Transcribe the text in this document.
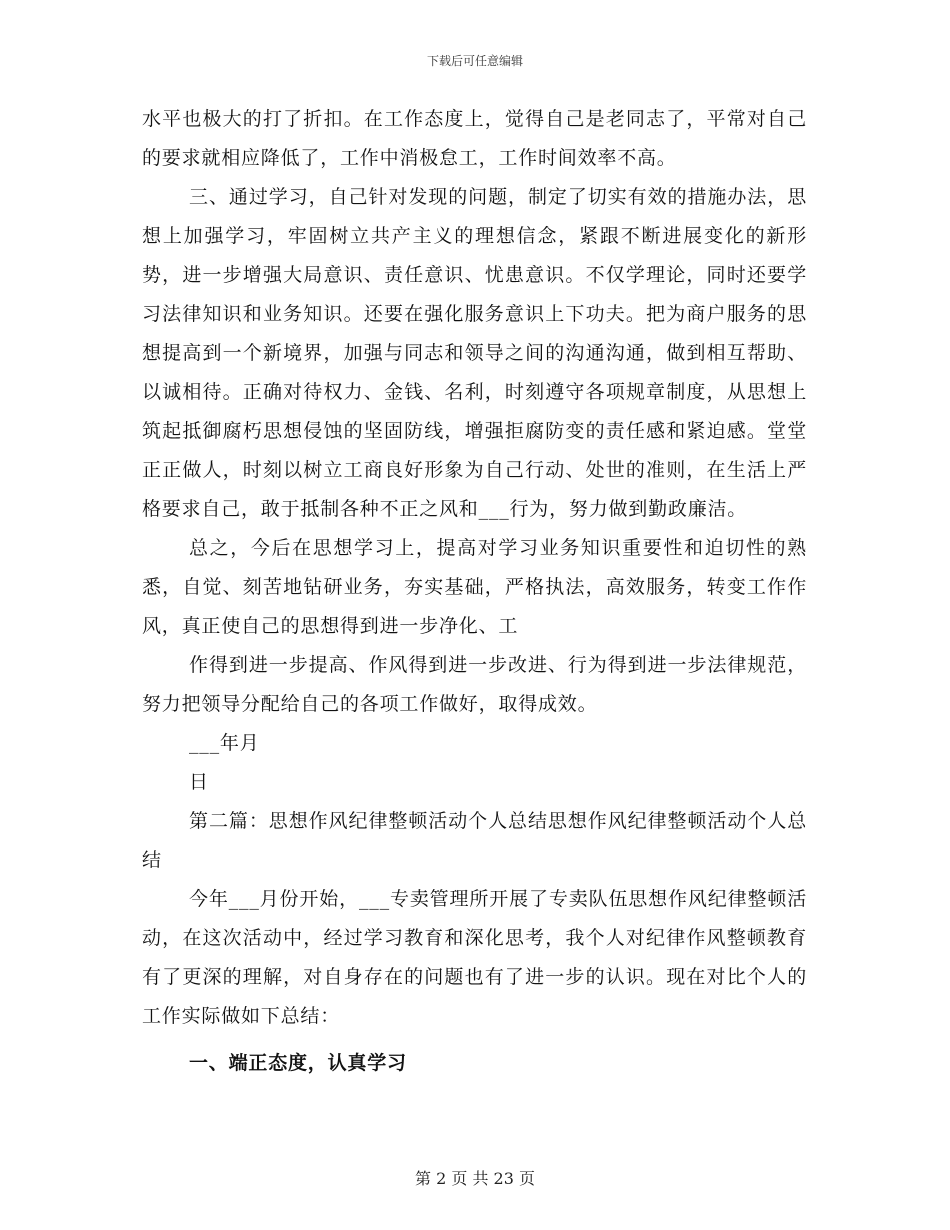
下载后可任意编辑

水平也极大的打了折扣。在工作态度上，觉得自己是老同志了，平常对自己的要求就相应降低了，工作中消极怠工，工作时间效率不高。

三、通过学习，自己针对发现的问题，制定了切实有效的措施办法，思想上加强学习，牢固树立共产主义的理想信念，紧跟不断进展变化的新形势，进一步增强大局意识、责任意识、忧患意识。不仅学理论，同时还要学习法律知识和业务知识。还要在强化服务意识上下功夫。把为商户服务的思想提高到一个新境界，加强与同志和领导之间的沟通沟通，做到相互帮助、以诚相待。正确对待权力、金钱、名利，时刻遵守各项规章制度，从思想上筑起抵御腐朽思想侵蚀的坚固防线，增强拒腐防变的责任感和紧迫感。堂堂正正做人，时刻以树立工商良好形象为自己行动、处世的准则，在生活上严格要求自己，敢于抵制各种不正之风和___行为，努力做到勤政廉洁。

总之，今后在思想学习上，提高对学习业务知识重要性和迫切性的熟悉，自觉、刻苦地钻研业务，夯实基础，严格执法，高效服务，转变工作作风，真正使自己的思想得到进一步净化、工

作得到进一步提高、作风得到进一步改进、行为得到进一步法律规范，努力把领导分配给自己的各项工作做好，取得成效。

___年月

日

第二篇：思想作风纪律整顿活动个人总结思想作风纪律整顿活动个人总结

今年___月份开始，___专卖管理所开展了专卖队伍思想作风纪律整顿活动，在这次活动中，经过学习教育和深化思考，我个人对纪律作风整顿教育有了更深的理解，对自身存在的问题也有了进一步的认识。现在对比个人的工作实际做如下总结：

一、端正态度，认真学习

第 2 页 共 23 页
